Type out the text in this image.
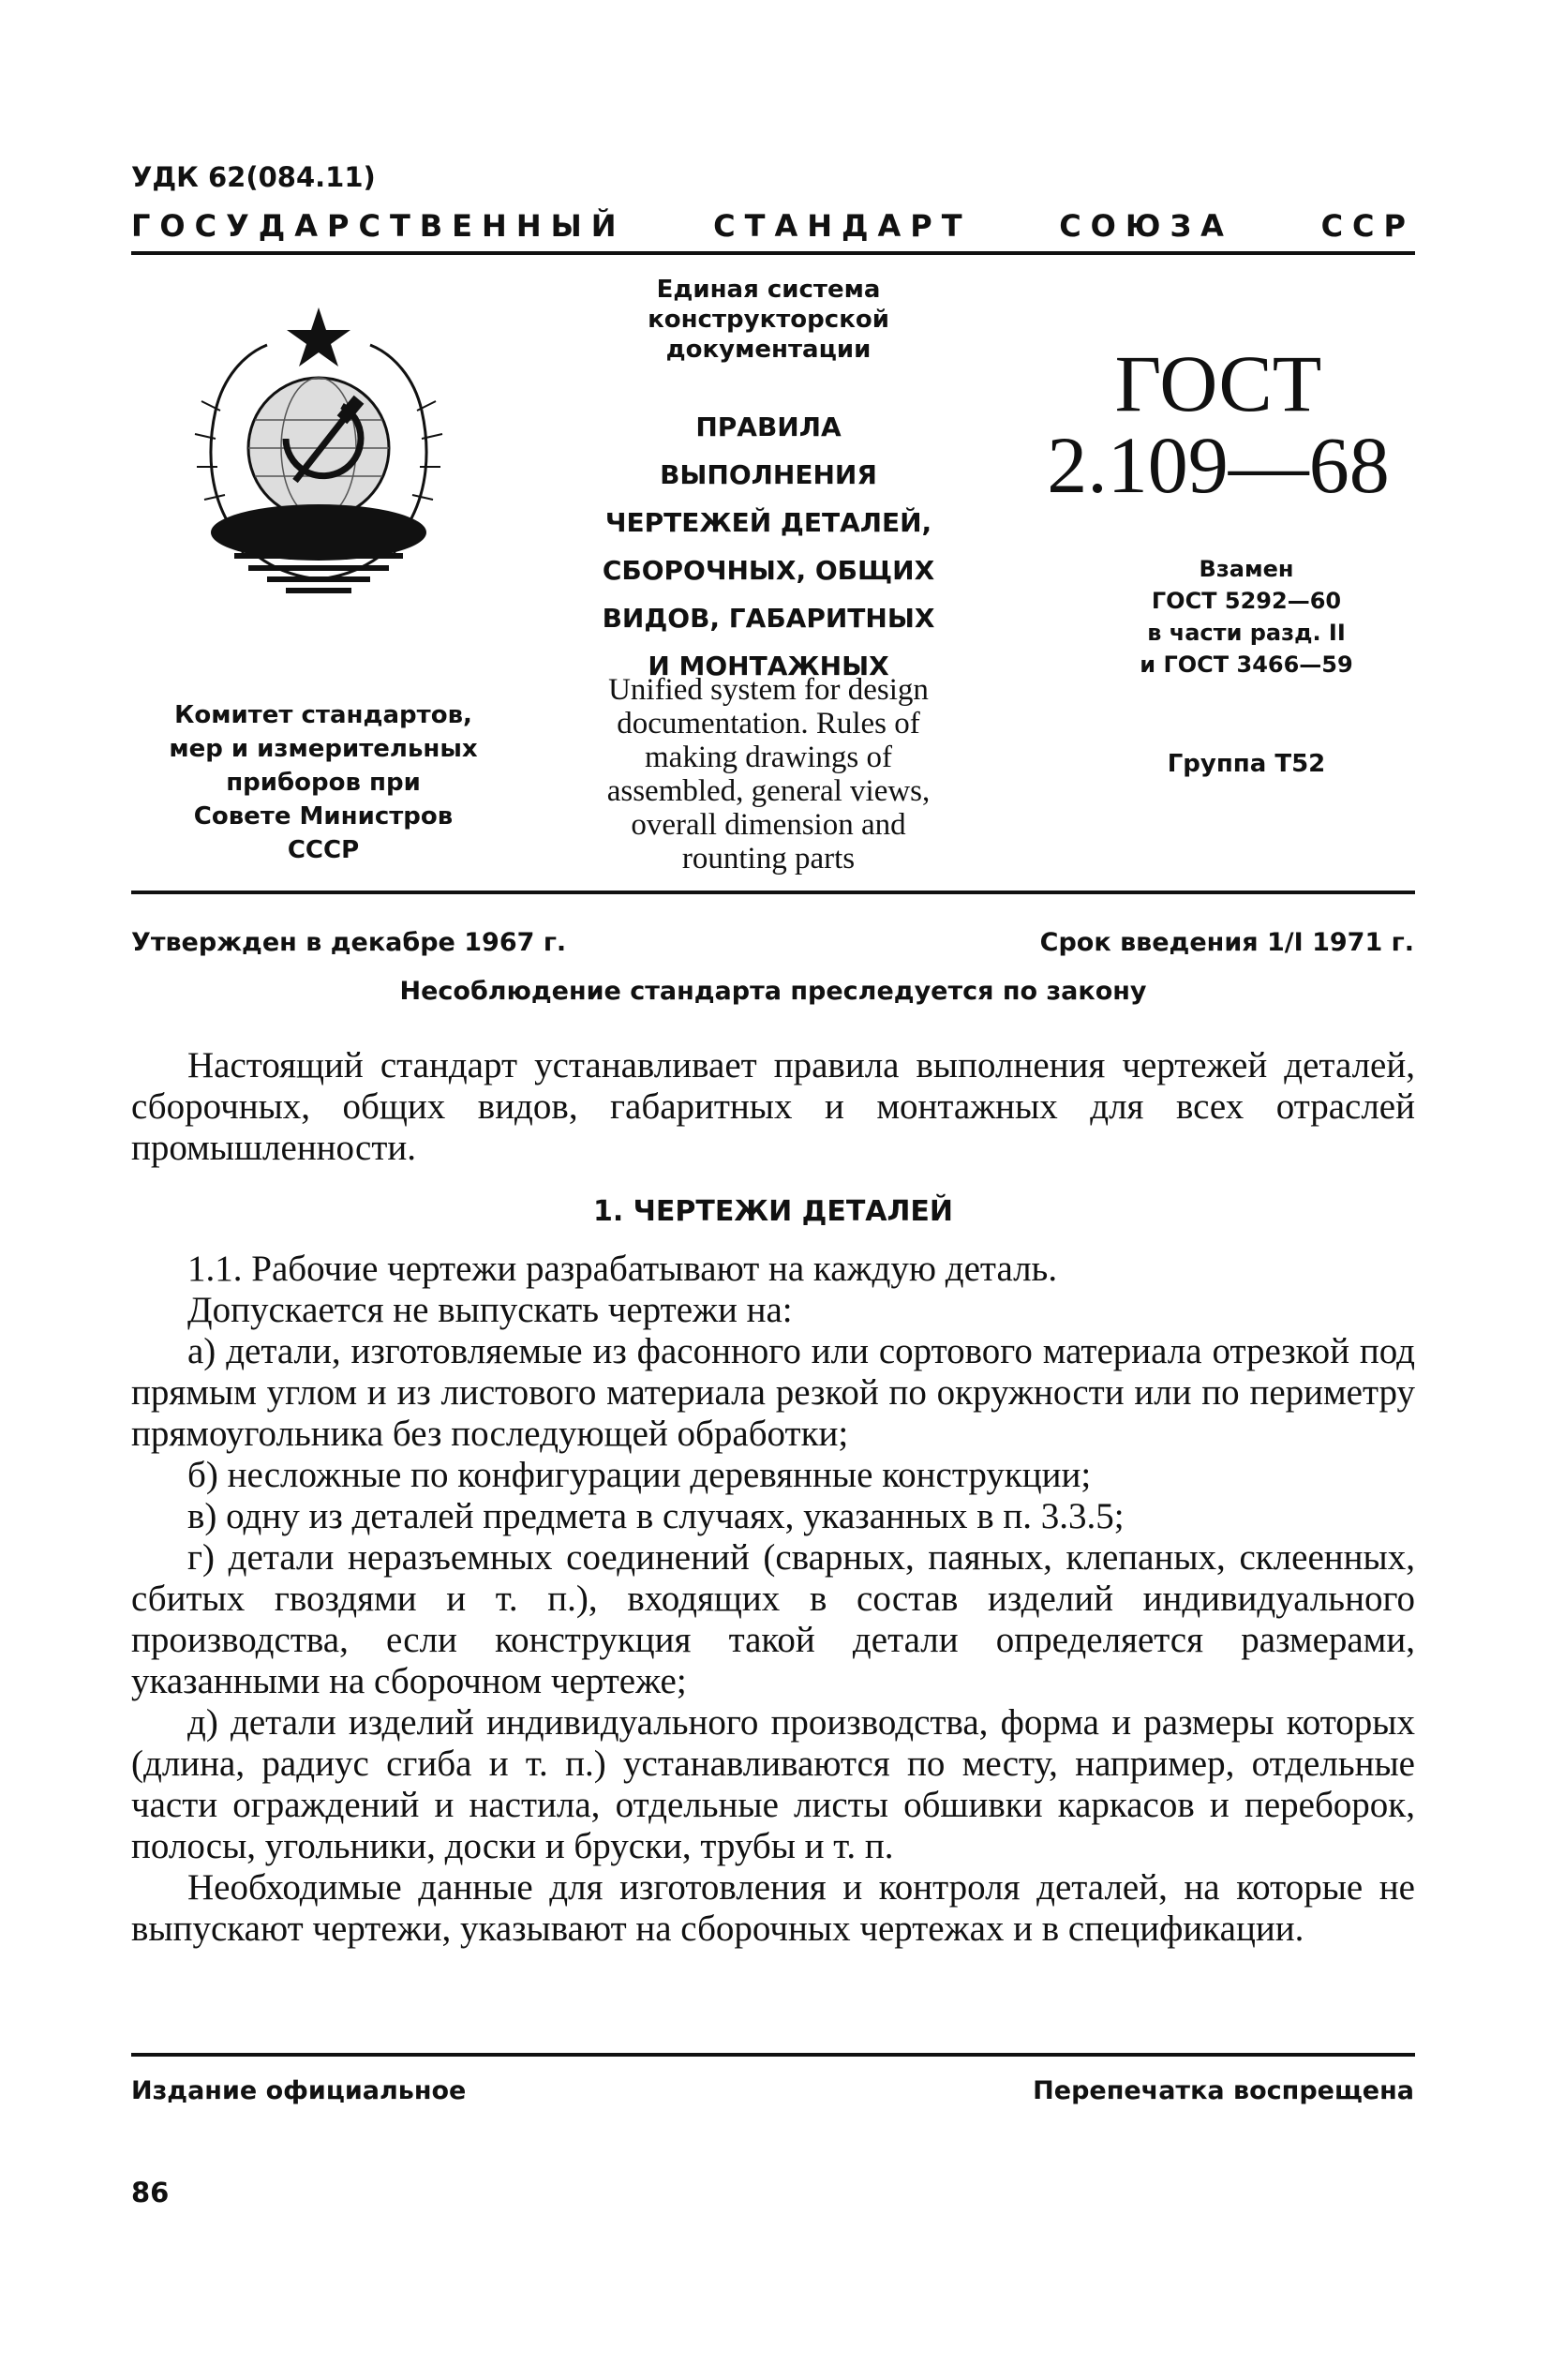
УДК 62(084.11)
ГОСУДАРСТВЕННЫЙ	СТАНДАРТ	СОЮЗА	ССР
Комитет стандартов,
мер и измерительных
приборов при
Совете Министров
СССР
Единая система
конструкторской
документации
ПРАВИЛА
ВЫПОЛНЕНИЯ
ЧЕРТЕЖЕЙ ДЕТАЛЕЙ,
СБОРОЧНЫХ, ОБЩИХ
ВИДОВ, ГАБАРИТНЫХ
И МОНТАЖНЫХ
Unified system for design
documentation. Rules of
making drawings of
assembled, general views,
overall dimension and
rounting parts
ГОСТ
2.109—68
Взамен
ГОСТ 5292—60
в части разд. II
и ГОСТ 3466—59
Группа Т52
Утвержден в декабре 1967 г.	Срок введения 1/I 1971 г.
Несоблюдение стандарта преследуется по закону

Настоящий стандарт устанавливает правила выполнения чертежей деталей, сборочных, общих видов, габаритных и монтажных для всех отраслей промышленности.

1. ЧЕРТЕЖИ ДЕТАЛЕЙ

1.1. Рабочие чертежи разрабатывают на каждую деталь.

Допускается не выпускать чертежи на:

а) детали, изготовляемые из фасонного или сортового материала отрезкой под прямым углом и из листового материала резкой по окружности или по периметру прямоугольника без последующей обработки;

б) несложные по конфигурации деревянные конструкции;

в) одну из деталей предмета в случаях, указанных в п. 3.3.5;

г) детали неразъемных соединений (сварных, паяных, клепаных, склеенных, сбитых гвоздями и т. п.), входящих в состав изделий индивидуального производства, если конструкция такой детали определяется размерами, указанными на сборочном чертеже;

д) детали изделий индивидуального производства, форма и размеры которых (длина, радиус сгиба и т. п.) устанавливаются по месту, например, отдельные части ограждений и настила, отдельные листы обшивки каркасов и переборок, полосы, угольники, доски и бруски, трубы и т. п.

Необходимые данные для изготовления и контроля деталей, на которые не выпускают чертежи, указывают на сборочных чертежах и в спецификации.

Издание официальное	Перепечатка воспрещена
86
